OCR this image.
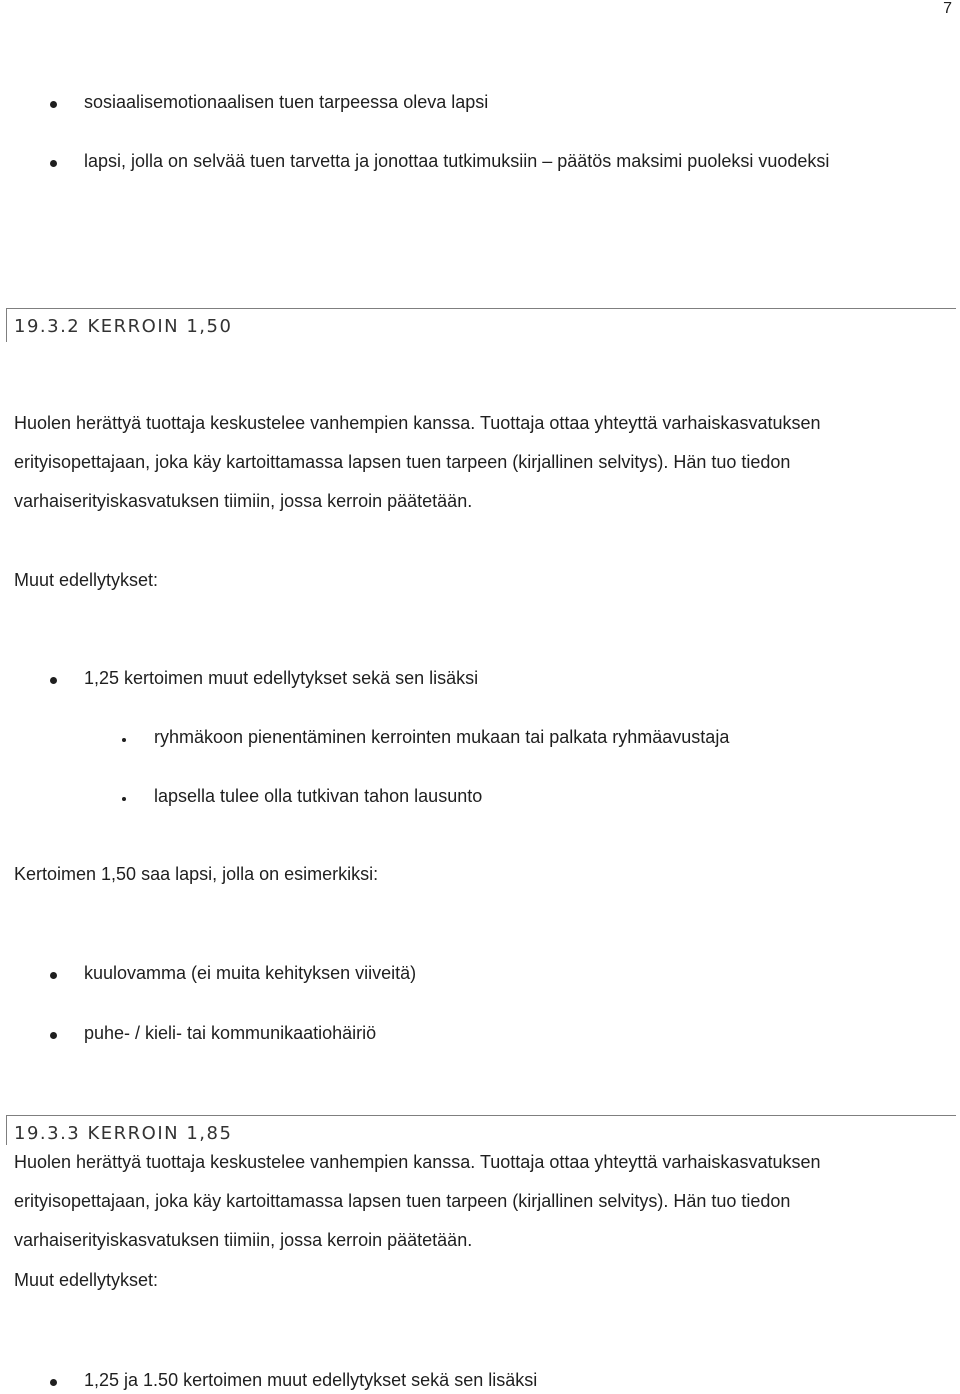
7
sosiaalisemotionaalisen tuen tarpeessa oleva lapsi
lapsi, jolla on selvää tuen tarvetta ja jonottaa tutkimuksiin – päätös maksimi puoleksi vuodeksi
19.3.2 KERROIN 1,50
Huolen herättyä tuottaja keskustelee vanhempien kanssa. Tuottaja ottaa yhteyttä varhaiskasvatuksen
erityisopettajaan, joka käy kartoittamassa lapsen tuen tarpeen (kirjallinen selvitys). Hän tuo tiedon
varhaiserityiskasvatuksen tiimiin, jossa kerroin päätetään.
Muut edellytykset:
1,25 kertoimen muut edellytykset sekä sen lisäksi
ryhmäkoon pienentäminen kerrointen mukaan tai palkata ryhmäavustaja
lapsella tulee olla tutkivan tahon lausunto
Kertoimen 1,50 saa lapsi, jolla on esimerkiksi:
kuulovamma (ei muita kehityksen viiveitä)
puhe- / kieli- tai kommunikaatiohäiriö
19.3.3 KERROIN 1,85
Huolen herättyä tuottaja keskustelee vanhempien kanssa. Tuottaja ottaa yhteyttä varhaiskasvatuksen
erityisopettajaan, joka käy kartoittamassa lapsen tuen tarpeen (kirjallinen selvitys). Hän tuo tiedon
varhaiserityiskasvatuksen tiimiin, jossa kerroin päätetään.
Muut edellytykset:
1,25 ja 1.50 kertoimen muut edellytykset sekä sen lisäksi
